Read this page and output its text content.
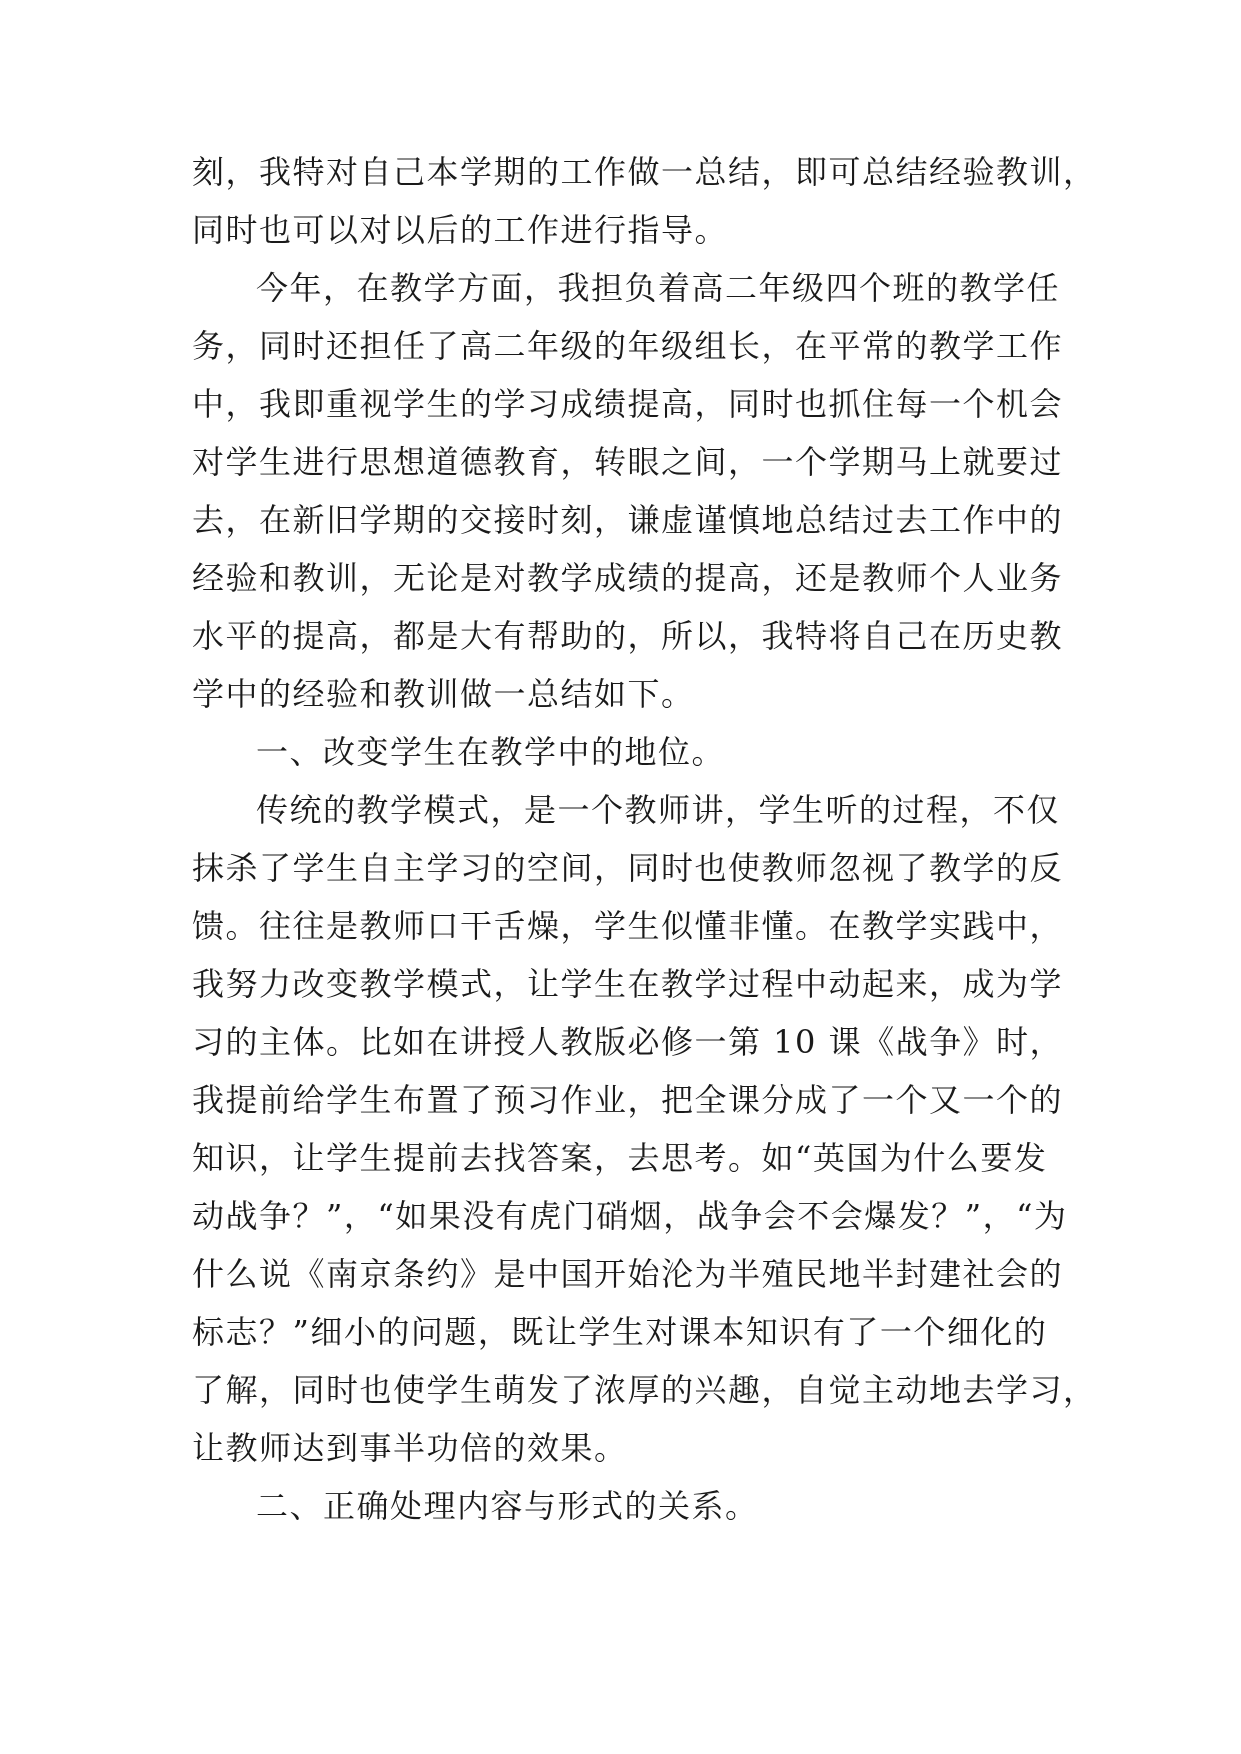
刻，我特对自己本学期的工作做一总结，即可总结经验教训，
同时也可以对以后的工作进行指导。
今年，在教学方面，我担负着高二年级四个班的教学任
务，同时还担任了高二年级的年级组长，在平常的教学工作
中，我即重视学生的学习成绩提高，同时也抓住每一个机会
对学生进行思想道德教育，转眼之间，一个学期马上就要过
去，在新旧学期的交接时刻，谦虚谨慎地总结过去工作中的
经验和教训，无论是对教学成绩的提高，还是教师个人业务
水平的提高，都是大有帮助的，所以，我特将自己在历史教
学中的经验和教训做一总结如下。
一、改变学生在教学中的地位。
传统的教学模式，是一个教师讲，学生听的过程，不仅
抹杀了学生自主学习的空间，同时也使教师忽视了教学的反
馈。往往是教师口干舌燥，学生似懂非懂。在教学实践中，
我努力改变教学模式，让学生在教学过程中动起来，成为学
习的主体。比如在讲授人教版必修一第 10 课《战争》时，
我提前给学生布置了预习作业，把全课分成了一个又一个的
知识，让学生提前去找答案，去思考。如“英国为什么要发
动战争？”，“如果没有虎门硝烟，战争会不会爆发？”，“为
什么说《南京条约》是中国开始沦为半殖民地半封建社会的
标志？”细小的问题，既让学生对课本知识有了一个细化的
了解，同时也使学生萌发了浓厚的兴趣，自觉主动地去学习，
让教师达到事半功倍的效果。
二、正确处理内容与形式的关系。
